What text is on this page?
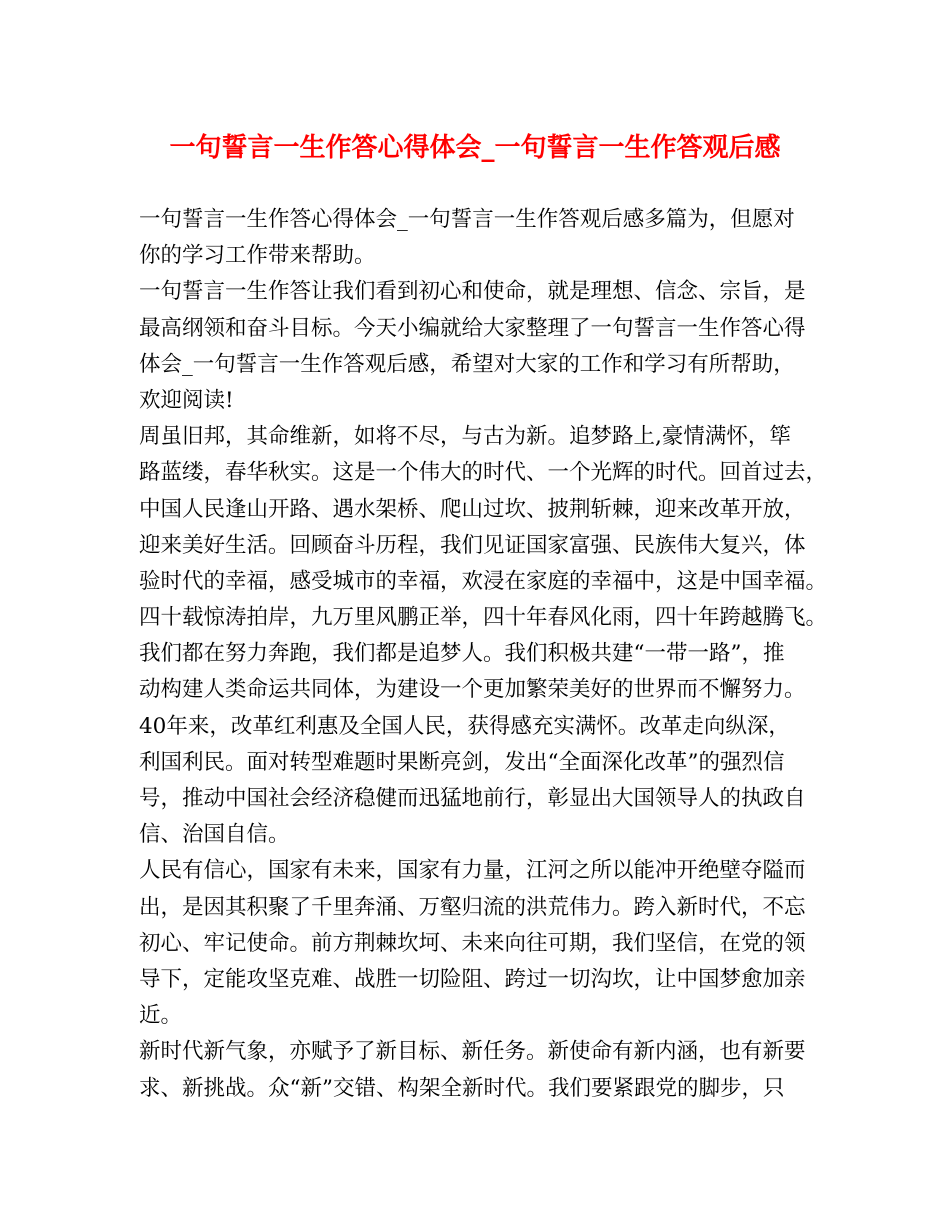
一句誓言一生作答心得体会_一句誓言一生作答观后感
一句誓言一生作答心得体会_一句誓言一生作答观后感多篇为，但愿对
你的学习工作带来帮助。
一句誓言一生作答让我们看到初心和使命，就是理想、信念、宗旨，是
最高纲领和奋斗目标。今天小编就给大家整理了一句誓言一生作答心得
体会_一句誓言一生作答观后感，希望对大家的工作和学习有所帮助，
欢迎阅读!
周虽旧邦，其命维新，如将不尽，与古为新。追梦路上,豪情满怀，筚
路蓝缕，春华秋实。这是一个伟大的时代、一个光辉的时代。回首过去，
中国人民逢山开路、遇水架桥、爬山过坎、披荆斩棘，迎来改革开放，
迎来美好生活。回顾奋斗历程，我们见证国家富强、民族伟大复兴，体
验时代的幸福，感受城市的幸福，欢浸在家庭的幸福中，这是中国幸福。
四十载惊涛拍岸，九万里风鹏正举，四十年春风化雨，四十年跨越腾飞。
我们都在努力奔跑，我们都是追梦人。我们积极共建“一带一路”，推
动构建人类命运共同体，为建设一个更加繁荣美好的世界而不懈努力。
40年来，改革红利惠及全国人民，获得感充实满怀。改革走向纵深，
利国利民。面对转型难题时果断亮剑，发出“全面深化改革”的强烈信
号，推动中国社会经济稳健而迅猛地前行，彰显出大国领导人的执政自
信、治国自信。
人民有信心，国家有未来，国家有力量，江河之所以能冲开绝壁夺隘而
出，是因其积聚了千里奔涌、万壑归流的洪荒伟力。跨入新时代，不忘
初心、牢记使命。前方荆棘坎坷、未来向往可期，我们坚信，在党的领
导下，定能攻坚克难、战胜一切险阻、跨过一切沟坎，让中国梦愈加亲
近。
新时代新气象，亦赋予了新目标、新任务。新使命有新内涵，也有新要
求、新挑战。众“新”交错、构架全新时代。我们要紧跟党的脚步，只
